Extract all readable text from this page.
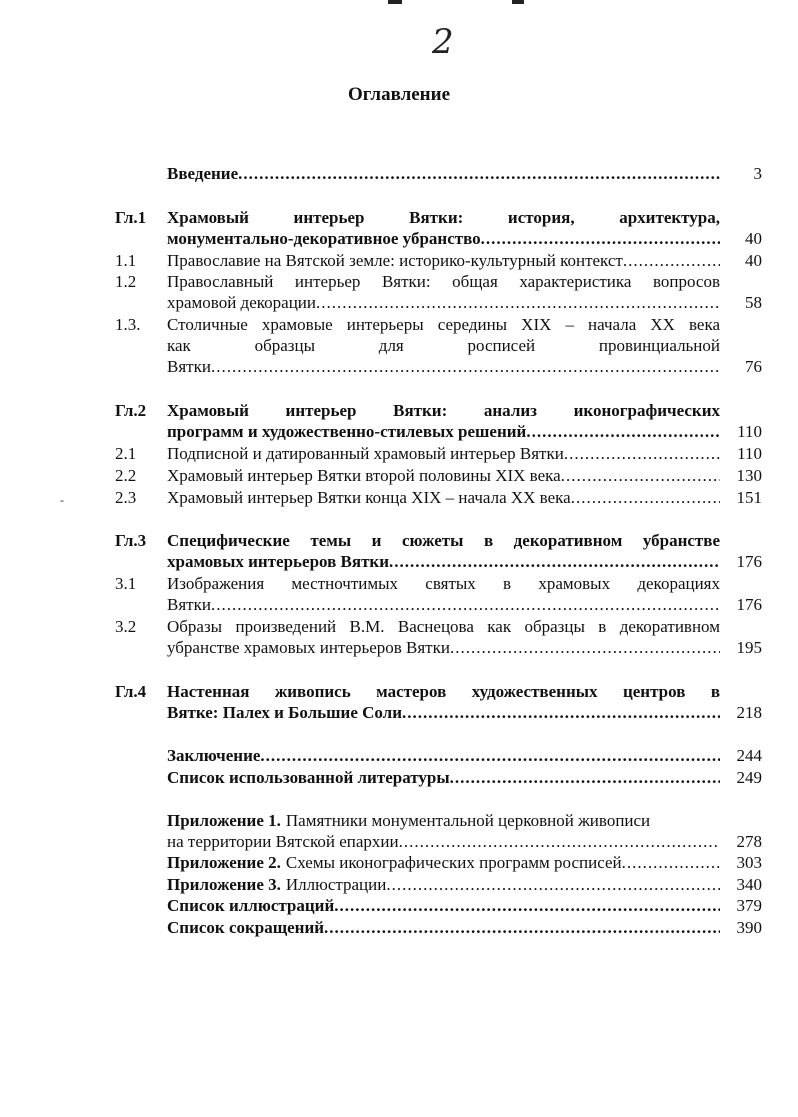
2
Оглавление
-
Введение .....	3
Гл.1	Храмовый интерьер Вятки: история, архитектура,
монументально-декоративное убранство .....	40
1.1	Православие на Вятской земле: историко-культурный контекст .....	40
1.2	Православный интерьер Вятки: общая характеристика вопросов
храмовой декорации .....	58
1.3.	Столичные храмовые интерьеры середины XIX – начала XX века
как образцы для росписей провинциальной
Вятки .....	76
Гл.2	Храмовый интерьер Вятки: анализ иконографических
программ и художественно-стилевых решений .....	110
2.1	Подписной и датированный храмовый интерьер Вятки .....	110
2.2	Храмовый интерьер Вятки второй половины XIX века .....	130
2.3	Храмовый интерьер Вятки конца XIX – начала XX века .....	151
Гл.3	Специфические темы и сюжеты в декоративном убранстве
храмовых интерьеров Вятки .....	176
3.1	Изображения местночтимых святых в храмовых декорациях
Вятки .....	176
3.2	Образы произведений В.М. Васнецова как образцы в декоративном
убранстве храмовых интерьеров Вятки .....	195
Гл.4	Настенная живопись мастеров художественных центров в
Вятке: Палех и Большие Соли .....	218
Заключение .....	244
Список использованной литературы .....	249
Приложение 1. Памятники монументальной церковной живописи
на территории Вятской епархии .....	278
Приложение 2. Схемы иконографических программ росписей .....	303
Приложение 3. Иллюстрации .....	340
Список иллюстраций .....	379
Список сокращений .....	390
